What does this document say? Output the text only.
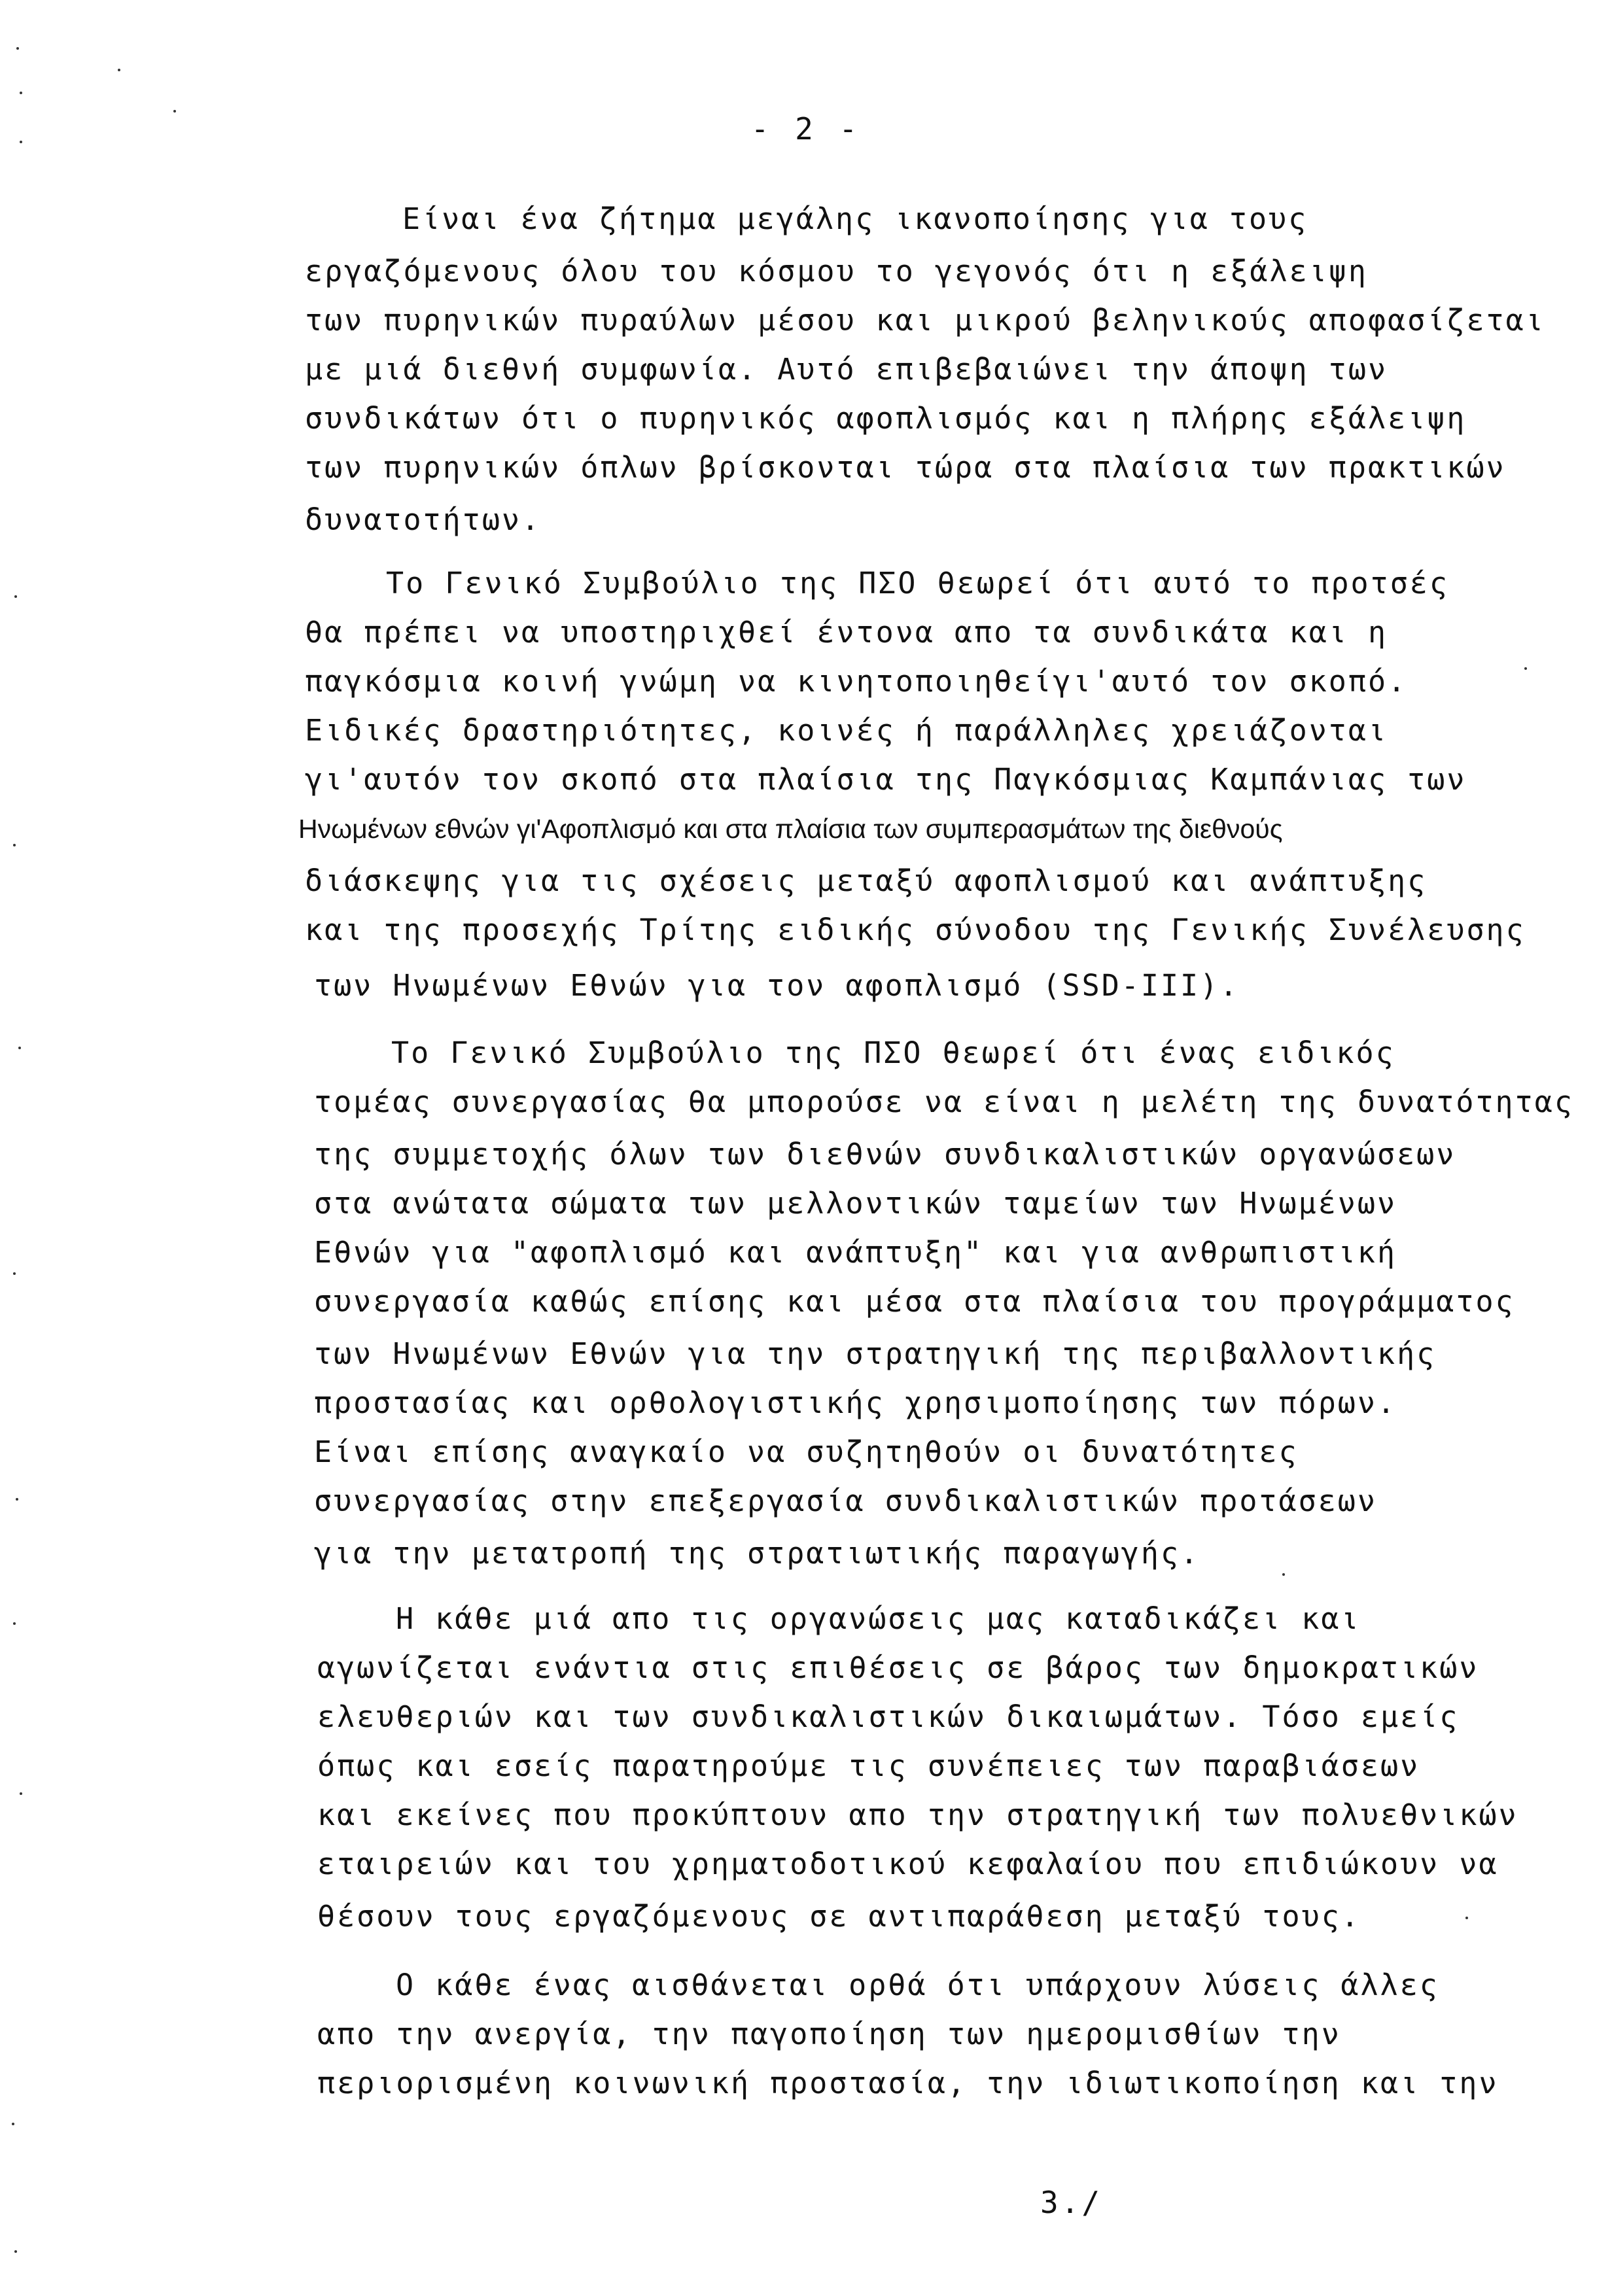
- 2 -
Είναι ένα ζήτημα μεγάλης ικανοποίησης για τους
εργαζόμενους όλου του κόσμου το γεγονός ότι η εξάλειψη
των πυρηνικών πυραύλων μέσου και μικρού βεληνικούς αποφασίζεται
με μιά διεθνή συμφωνία. Αυτό επιβεβαιώνει την άποψη των
συνδικάτων ότι ο πυρηνικός αφοπλισμός και η πλήρης εξάλειψη
των πυρηνικών όπλων βρίσκονται τώρα στα πλαίσια των πρακτικών
δυνατοτήτων.
Το Γενικό Συμβούλιο της ΠΣΟ θεωρεί ότι αυτό το προτσές
θα πρέπει να υποστηριχθεί έντονα απο τα συνδικάτα και η
παγκόσμια κοινή γνώμη να κινητοποιηθείγι'αυτό τον σκοπό.
Ειδικές δραστηριότητες, κοινές ή παράλληλες χρειάζονται
γι'αυτόν τον σκοπό στα πλαίσια της Παγκόσμιας Καμπάνιας των
Ηνωμένων εθνών γι'Αφοπλισμό και στα πλαίσια των συμπερασμάτων της διεθνούς
διάσκεψης για τις σχέσεις μεταξύ αφοπλισμού και ανάπτυξης
και της προσεχής Τρίτης ειδικής σύνοδου της Γενικής Συνέλευσης
των Ηνωμένων Εθνών για τον αφοπλισμό (SSD-III).
Το Γενικό Συμβούλιο της ΠΣΟ θεωρεί ότι ένας ειδικός
τομέας συνεργασίας θα μπορούσε να είναι η μελέτη της δυνατότητας
της συμμετοχής όλων των διεθνών συνδικαλιστικών οργανώσεων
στα ανώτατα σώματα των μελλοντικών ταμείων των Ηνωμένων
Εθνών για "αφοπλισμό και ανάπτυξη" και για ανθρωπιστική
συνεργασία καθώς επίσης και μέσα στα πλαίσια του προγράμματος
των Ηνωμένων Εθνών για την στρατηγική της περιβαλλοντικής
προστασίας και ορθολογιστικής χρησιμοποίησης των πόρων.
Είναι επίσης αναγκαίο να συζητηθούν οι δυνατότητες
συνεργασίας στην επεξεργασία συνδικαλιστικών προτάσεων
για την μετατροπή της στρατιωτικής παραγωγής.
Η κάθε μιά απο τις οργανώσεις μας καταδικάζει και
αγωνίζεται ενάντια στις επιθέσεις σε βάρος των δημοκρατικών
ελευθεριών και των συνδικαλιστικών δικαιωμάτων. Τόσο εμείς
όπως και εσείς παρατηρούμε τις συνέπειες των παραβιάσεων
και εκείνες που προκύπτουν απο την στρατηγική των πολυεθνικών
εταιρειών και του χρηματοδοτικού κεφαλαίου που επιδιώκουν να
θέσουν τους εργαζόμενους σε αντιπαράθεση μεταξύ τους.
Ο κάθε ένας αισθάνεται ορθά ότι υπάρχουν λύσεις άλλες
απο την ανεργία, την παγοποίηση των ημερομισθίων την
περιορισμένη κοινωνική προστασία, την ιδιωτικοποίηση και την
3./
